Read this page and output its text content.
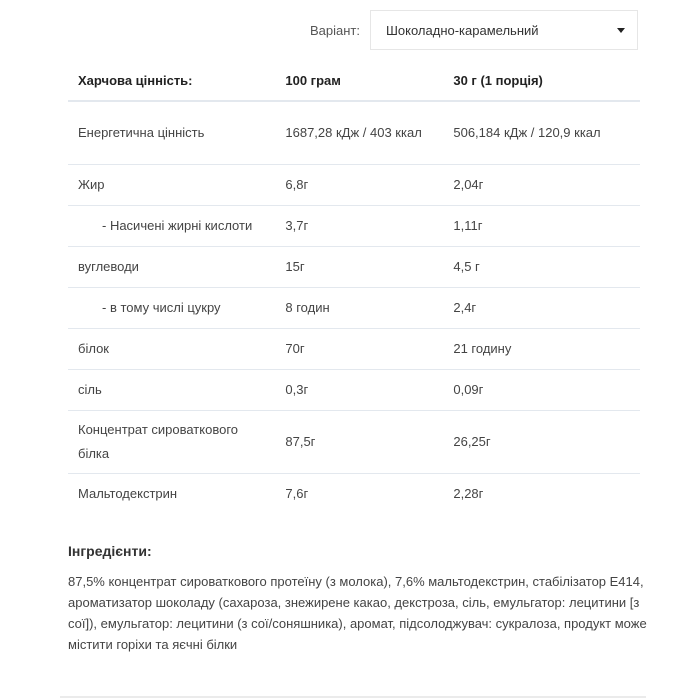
Варіант:	Шоколадно-карамельний
Харчова цінність:	100 грам	30 г (1 порція)
Енергетична цінність	1687,28 кДж / 403 ккал	506,184 кДж / 120,9 ккал
Жир	6,8г	2,04г
- Насичені жирні кислоти	3,7г	1,11г
вуглеводи	15г	4,5 г
- в тому числі цукру	8 годин	2,4г
білок	70г	21 годину
сіль	0,3г	0,09г
Концентрат сироваткового білка	87,5г	26,25г
Мальтодекстрин	7,6г	2,28г
Інгредієнти:

87,5% концентрат сироваткового протеїну (з молока), 7,6% мальтодекстрин, стабілізатор E414, ароматизатор шоколаду (сахароза, знежирене какао, декстроза, сіль, емульгатор: лецитини [з сої]), емульгатор: лецитини (з сої/соняшника), аромат, підсолоджувач: сукралоза, продукт може містити горіхи та яєчні білки
